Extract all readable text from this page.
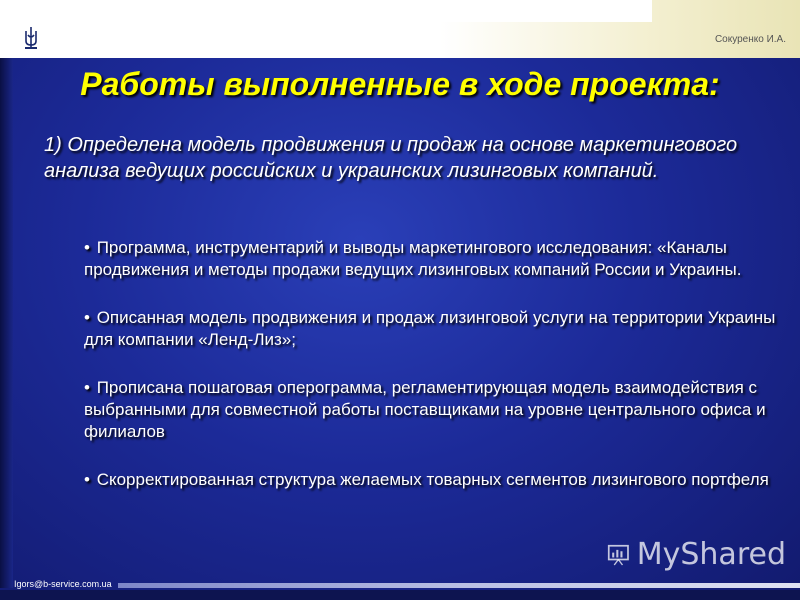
Сокуренко И.А.
Работы выполненные в ходе проекта:
1) Определена модель продвижения и продаж на основе маркетингового анализа ведущих российских и украинских лизинговых компаний.
• Программа, инструментарий и выводы маркетингового исследования: «Каналы продвижения и методы продажи ведущих лизинговых компаний России и Украины.
• Описанная модель продвижения и продаж лизинговой услуги на территории Украины для компании «Ленд-Лиз»;
• Прописана пошаговая оперограмма, регламентирующая модель взаимодействия с выбранными для совместной работы поставщиками на уровне центрального офиса и филиалов
• Скорректированная структура желаемых товарных сегментов лизингового портфеля
MyShared
Igors@b-service.com.ua
